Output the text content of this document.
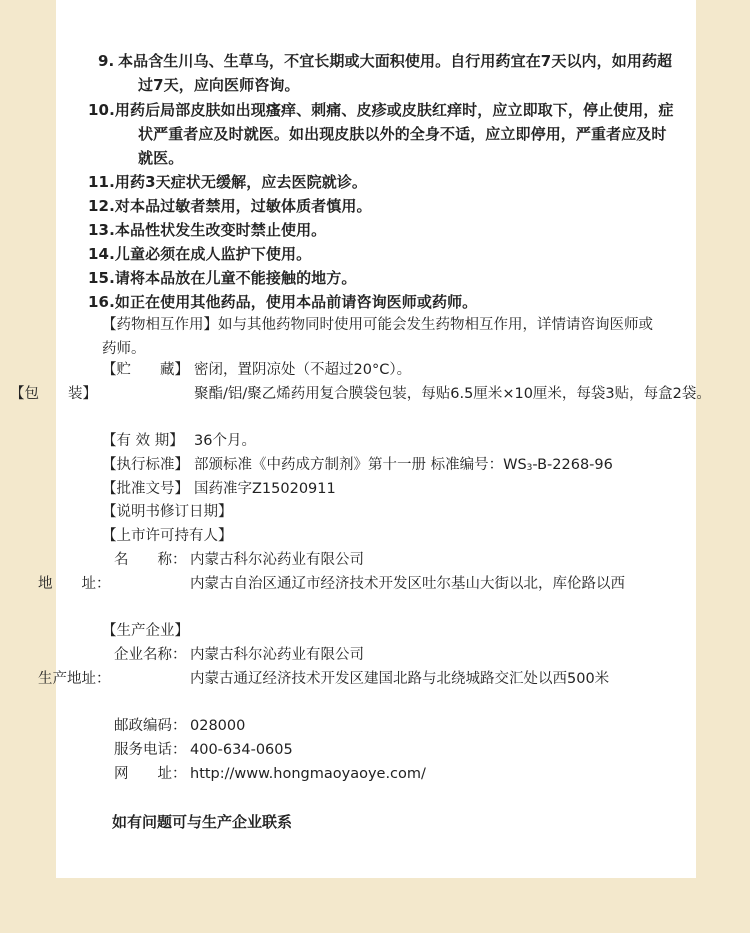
9. 本品含生川乌、生草乌，不宜长期或大面积使用。自行用药宜在7天以内，如用药超过7天，应向医师咨询。
10.用药后局部皮肤如出现瘙痒、刺痛、皮疹或皮肤红痒时，应立即取下，停止使用，症状严重者应及时就医。如出现皮肤以外的全身不适，应立即停用，严重者应及时就医。
11.用药3天症状无缓解，应去医院就诊。
12.对本品过敏者禁用，过敏体质者慎用。
13.本品性状发生改变时禁止使用。
14.儿童必须在成人监护下使用。
15.请将本品放在儿童不能接触的地方。
16.如正在使用其他药品，使用本品前请咨询医师或药师。
【药物相互作用】如与其他药物同时使用可能会发生药物相互作用，详情请咨询医师或药师。
【贮　　藏】 密闭，置阴凉处（不超过20°C）。
【包　　装】	聚酯/铝/聚乙烯药用复合膜袋包装，每贴6.5厘米×10厘米，每袋3贴，每盒2袋。
【有 效 期】 36个月。
【执行标准】 部颁标准《中药成方制剂》第十一册 标准编号：$WS_3-B-2268-96$
【批准文号】 国药准字Z15020911
【说明书修订日期】
【上市许可持有人】
名　　称： 内蒙古科尔沁药业有限公司
地　　址：	内蒙古自治区通辽市经济技术开发区吐尔基山大街以北，库伦路以西
【生产企业】
企业名称： 内蒙古科尔沁药业有限公司
生产地址：	内蒙古通辽经济技术开发区建国北路与北绕城路交汇处以西500米
邮政编码： 028000
服务电话： 400-634-0605
网　　址： http://www.hongmaoyaoye.com/
如有问题可与生产企业联系
